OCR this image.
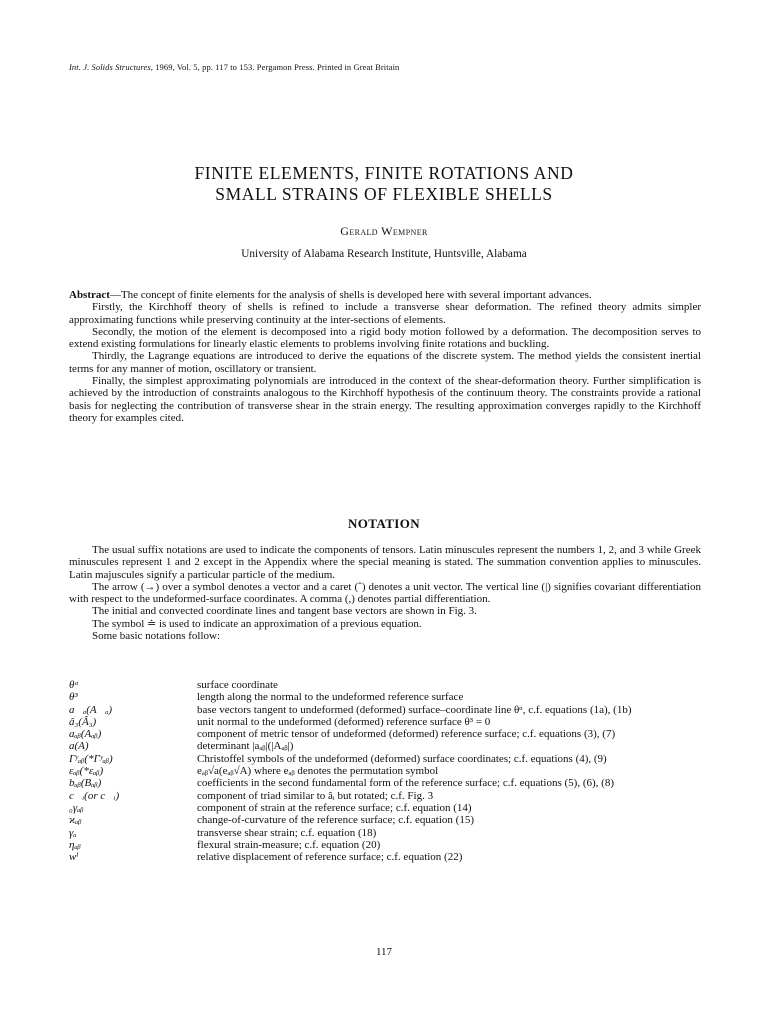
Int. J. Solids Structures, 1969, Vol. 5, pp. 117 to 153. Pergamon Press. Printed in Great Britain
FINITE ELEMENTS, FINITE ROTATIONS AND
SMALL STRAINS OF FLEXIBLE SHELLS
Gerald Wempner
University of Alabama Research Institute, Huntsville, Alabama

Abstract—The concept of finite elements for the analysis of shells is developed here with several important advances.

Firstly, the Kirchhoff theory of shells is refined to include a transverse shear deformation. The refined theory admits simpler approximating functions while preserving continuity at the inter-sections of elements.

Secondly, the motion of the element is decomposed into a rigid body motion followed by a deformation. The decomposition serves to extend existing formulations for linearly elastic elements to problems involving finite rotations and buckling.

Thirdly, the Lagrange equations are introduced to derive the equations of the discrete system. The method yields the consistent inertial terms for any manner of motion, oscillatory or transient.

Finally, the simplest approximating polynomials are introduced in the context of the shear-deformation theory. Further simplification is achieved by the introduction of constraints analogous to the Kirchhoff hypothesis of the continuum theory. The constraints provide a rational basis for neglecting the contribution of transverse shear in the strain energy. The resulting approximation converges rapidly to the Kirchhoff theory for examples cited.

NOTATION

The usual suffix notations are used to indicate the components of tensors. Latin minuscules represent the numbers 1, 2, and 3 while Greek minuscules represent 1 and 2 except in the Appendix where the special meaning is stated. The summation convention applies to minuscules. Latin majuscules signify a particular particle of the medium.

The arrow (→) over a symbol denotes a vector and a caret (ˆ) denotes a unit vector. The vertical line (|) signifies covariant differentiation with respect to the undeformed-surface coordinates. A comma (,) denotes partial differentiation.

The initial and convected coordinate lines and tangent base vectors are shown in Fig. 3.

The symbol ≐ is used to indicate an approximation of a previous equation.

Some basic notations follow:

θᵅ	surface coordinate
θ³	length along the normal to the undeformed reference surface
a⃗ₐ(A⃗ₐ)	base vectors tangent to undeformed (deformed) surface–coordinate line θᵅ, c.f. equations (1a), (1b)
â₃(Â₃)	unit normal to the undeformed (deformed) reference surface θ³ = 0
aₐᵦ(Aₐᵦ)	component of metric tensor of undeformed (deformed) reference surface; c.f. equations (3), (7)
a(A)	determinant |aₐᵦ|(|Aₐᵦ|)
Γʸₐᵦ(*Γʸₐᵦ)	Christoffel symbols of the undeformed (deformed) surface coordinates; c.f. equations (4), (9)
εₐᵦ(*εₐᵦ)	eₐᵦ√a(eₐᵦ√A) where eₐᵦ denotes the permutation symbol
bₐᵦ(Bₐᵦ)	coefficients in the second fundamental form of the reference surface; c.f. equations (5), (6), (8)
c⃗ᵢ(or c⃗ᵢ)	component of triad similar to âᵢ but rotated; c.f. Fig. 3
₀γₐᵦ	component of strain at the reference surface; c.f. equation (14)
ϰₐᵦ	change-of-curvature of the reference surface; c.f. equation (15)
γₐ	transverse shear strain; c.f. equation (18)
ηₐᵦ	flexural strain-measure; c.f. equation (20)
wⁱ	relative displacement of reference surface; c.f. equation (22)
117
